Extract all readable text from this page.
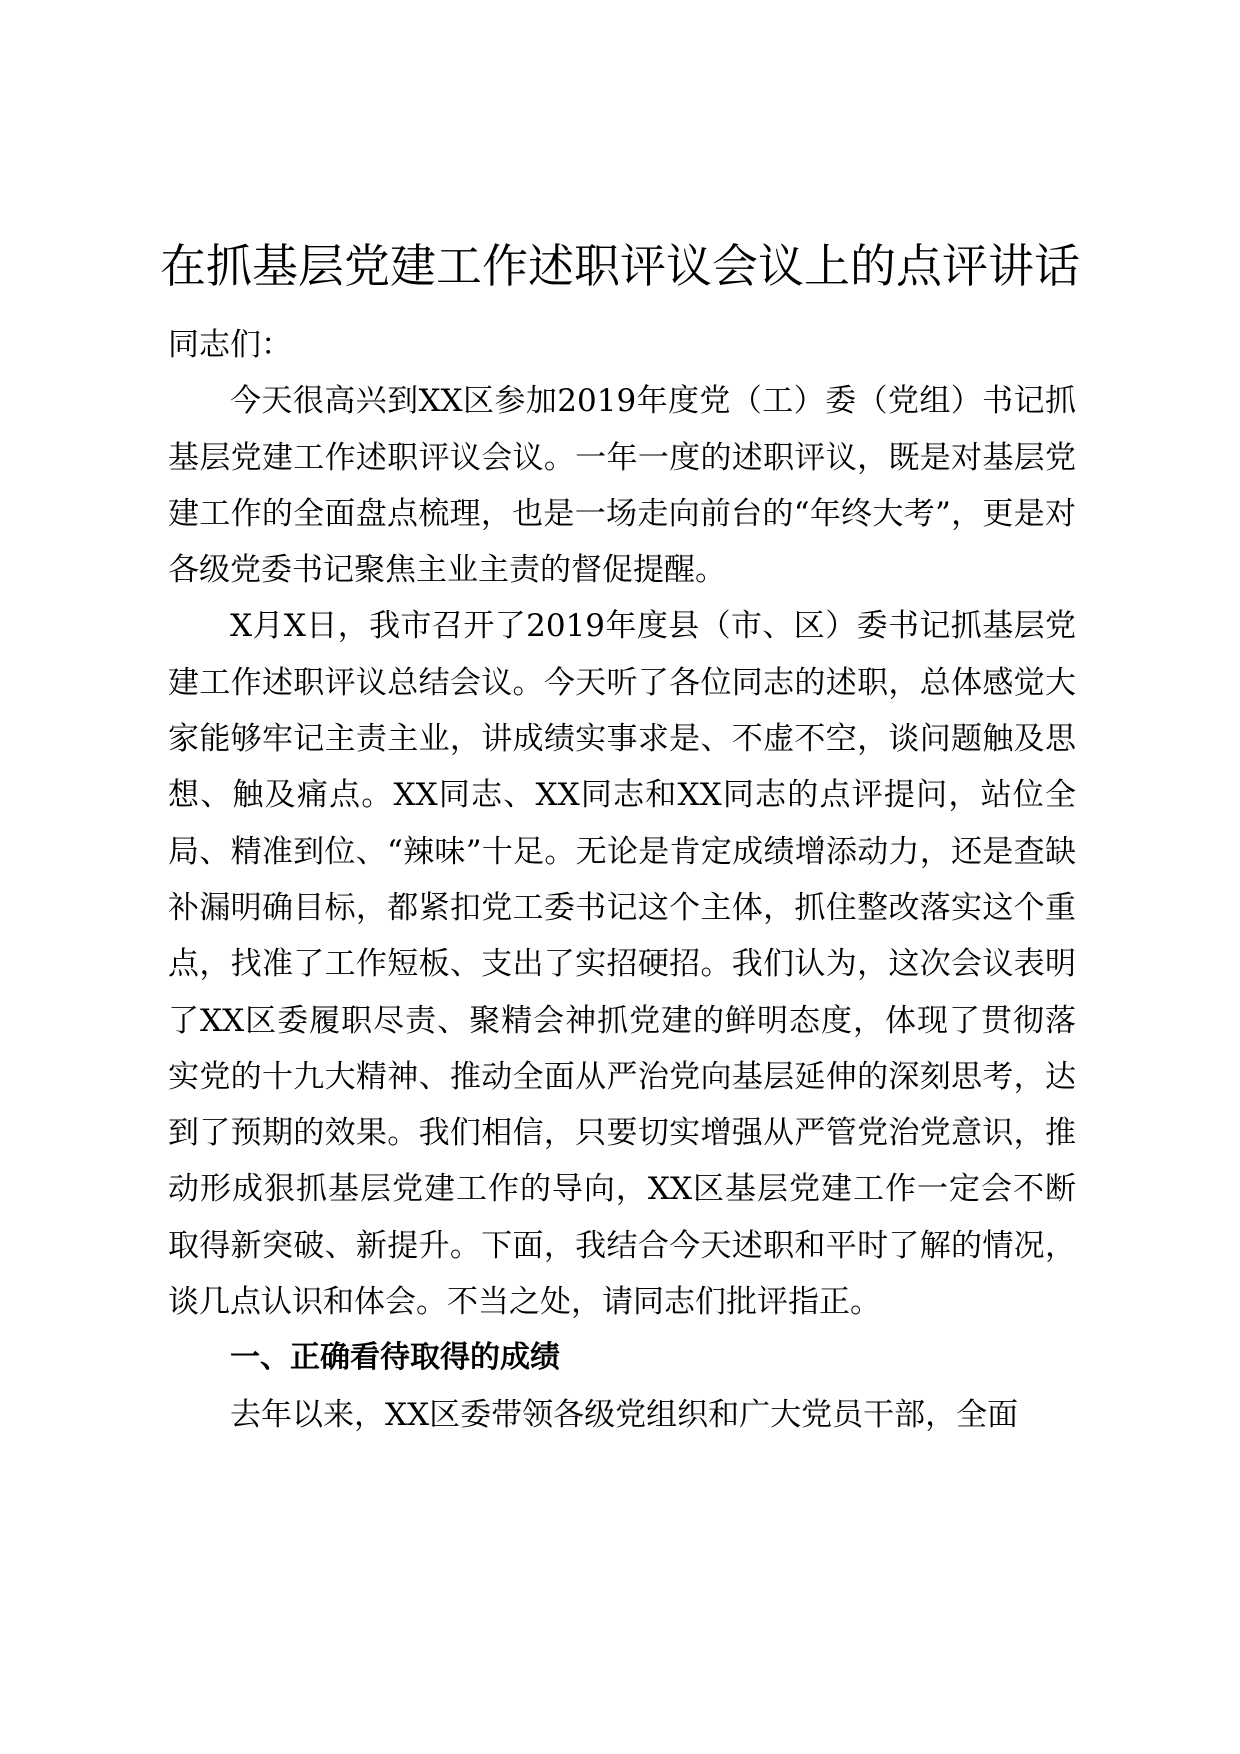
在抓基层党建工作述职评议会议上的点评讲话

同志们：

今天很高兴到XX区参加2019年度党（工）委（党组）书记抓基层党建工作述职评议会议。一年一度的述职评议，既是对基层党建工作的全面盘点梳理，也是一场走向前台的“年终大考”，更是对各级党委书记聚焦主业主责的督促提醒。

X月X日，我市召开了2019年度县（市、区）委书记抓基层党建工作述职评议总结会议。今天听了各位同志的述职，总体感觉大家能够牢记主责主业，讲成绩实事求是、不虚不空，谈问题触及思想、触及痛点。XX同志、XX同志和XX同志的点评提问，站位全局、精准到位、“辣味”十足。无论是肯定成绩增添动力，还是查缺补漏明确目标，都紧扣党工委书记这个主体，抓住整改落实这个重点，找准了工作短板、支出了实招硬招。我们认为，这次会议表明了XX区委履职尽责、聚精会神抓党建的鲜明态度，体现了贯彻落实党的十九大精神、推动全面从严治党向基层延伸的深刻思考，达到了预期的效果。我们相信，只要切实增强从严管党治党意识，推动形成狠抓基层党建工作的导向，XX区基层党建工作一定会不断取得新突破、新提升。下面，我结合今天述职和平时了解的情况，谈几点认识和体会。不当之处，请同志们批评指正。

一、正确看待取得的成绩

去年以来，XX区委带领各级党组织和广大党员干部，全面
